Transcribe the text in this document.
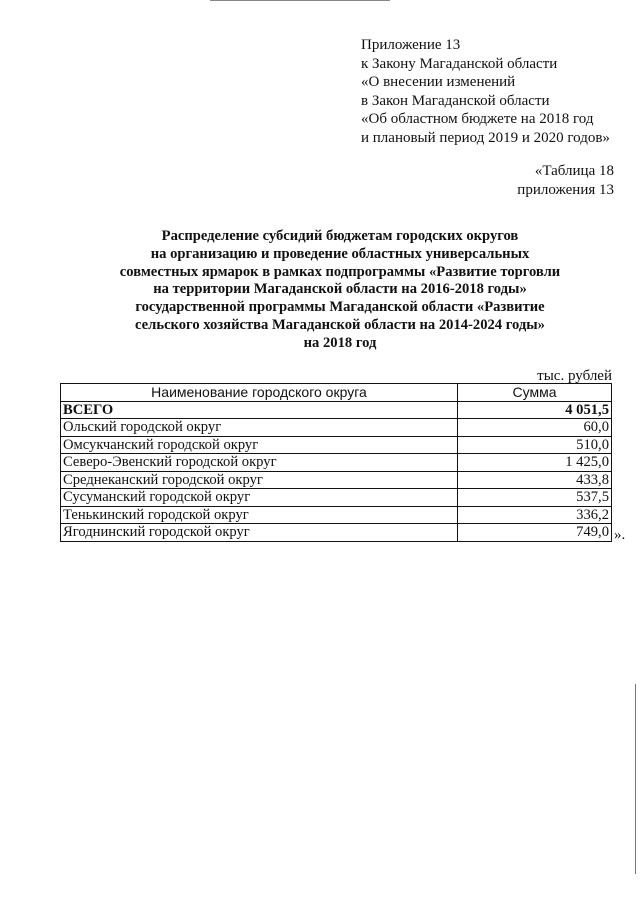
Приложение 13
к Закону Магаданской области
«О внесении изменений
в Закон Магаданской области
«Об областном бюджете на 2018 год
и плановый период 2019 и 2020 годов»
«Таблица 18
приложения 13
Распределение субсидий бюджетам городских округов
на организацию и проведение областных универсальных
совместных ярмарок в рамках подпрограммы «Развитие торговли
на территории Магаданской области на 2016-2018 годы»
государственной программы Магаданской области «Развитие
сельского хозяйства Магаданской области на 2014-2024 годы»
на 2018 год
тыс. рублей
Наименование городского округа	Сумма
ВСЕГО	4 051,5
Ольский городской округ	60,0
Омсукчанский городской округ	510,0
Северо-Эвенский городской округ	1 425,0
Среднеканский городской округ	433,8
Сусуманский городской округ	537,5
Тенькинский городской округ	336,2
Ягоднинский городской округ	749,0 ».
